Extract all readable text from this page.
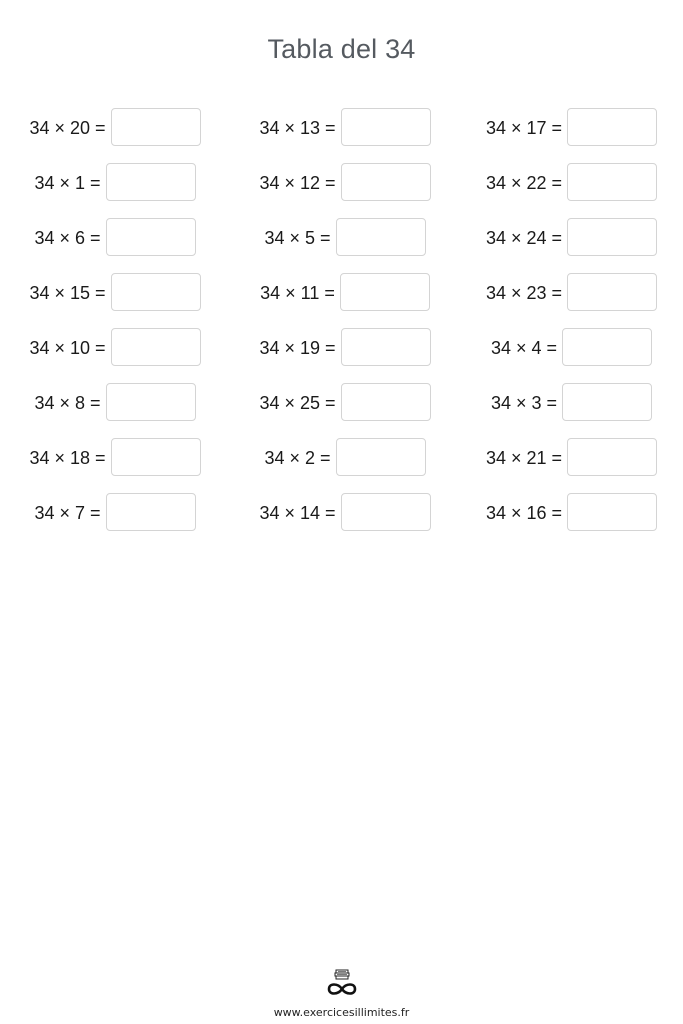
Tabla del 34
34 × 20 =	34 × 13 =	34 × 17 =
34 × 1 =	34 × 12 =	34 × 22 =
34 × 6 =	34 × 5 =	34 × 24 =
34 × 15 =	34 × 11 =	34 × 23 =
34 × 10 =	34 × 19 =	34 × 4 =
34 × 8 =	34 × 25 =	34 × 3 =
34 × 18 =	34 × 2 =	34 × 21 =
34 × 7 =	34 × 14 =	34 × 16 =
www.exercicesillimites.fr
